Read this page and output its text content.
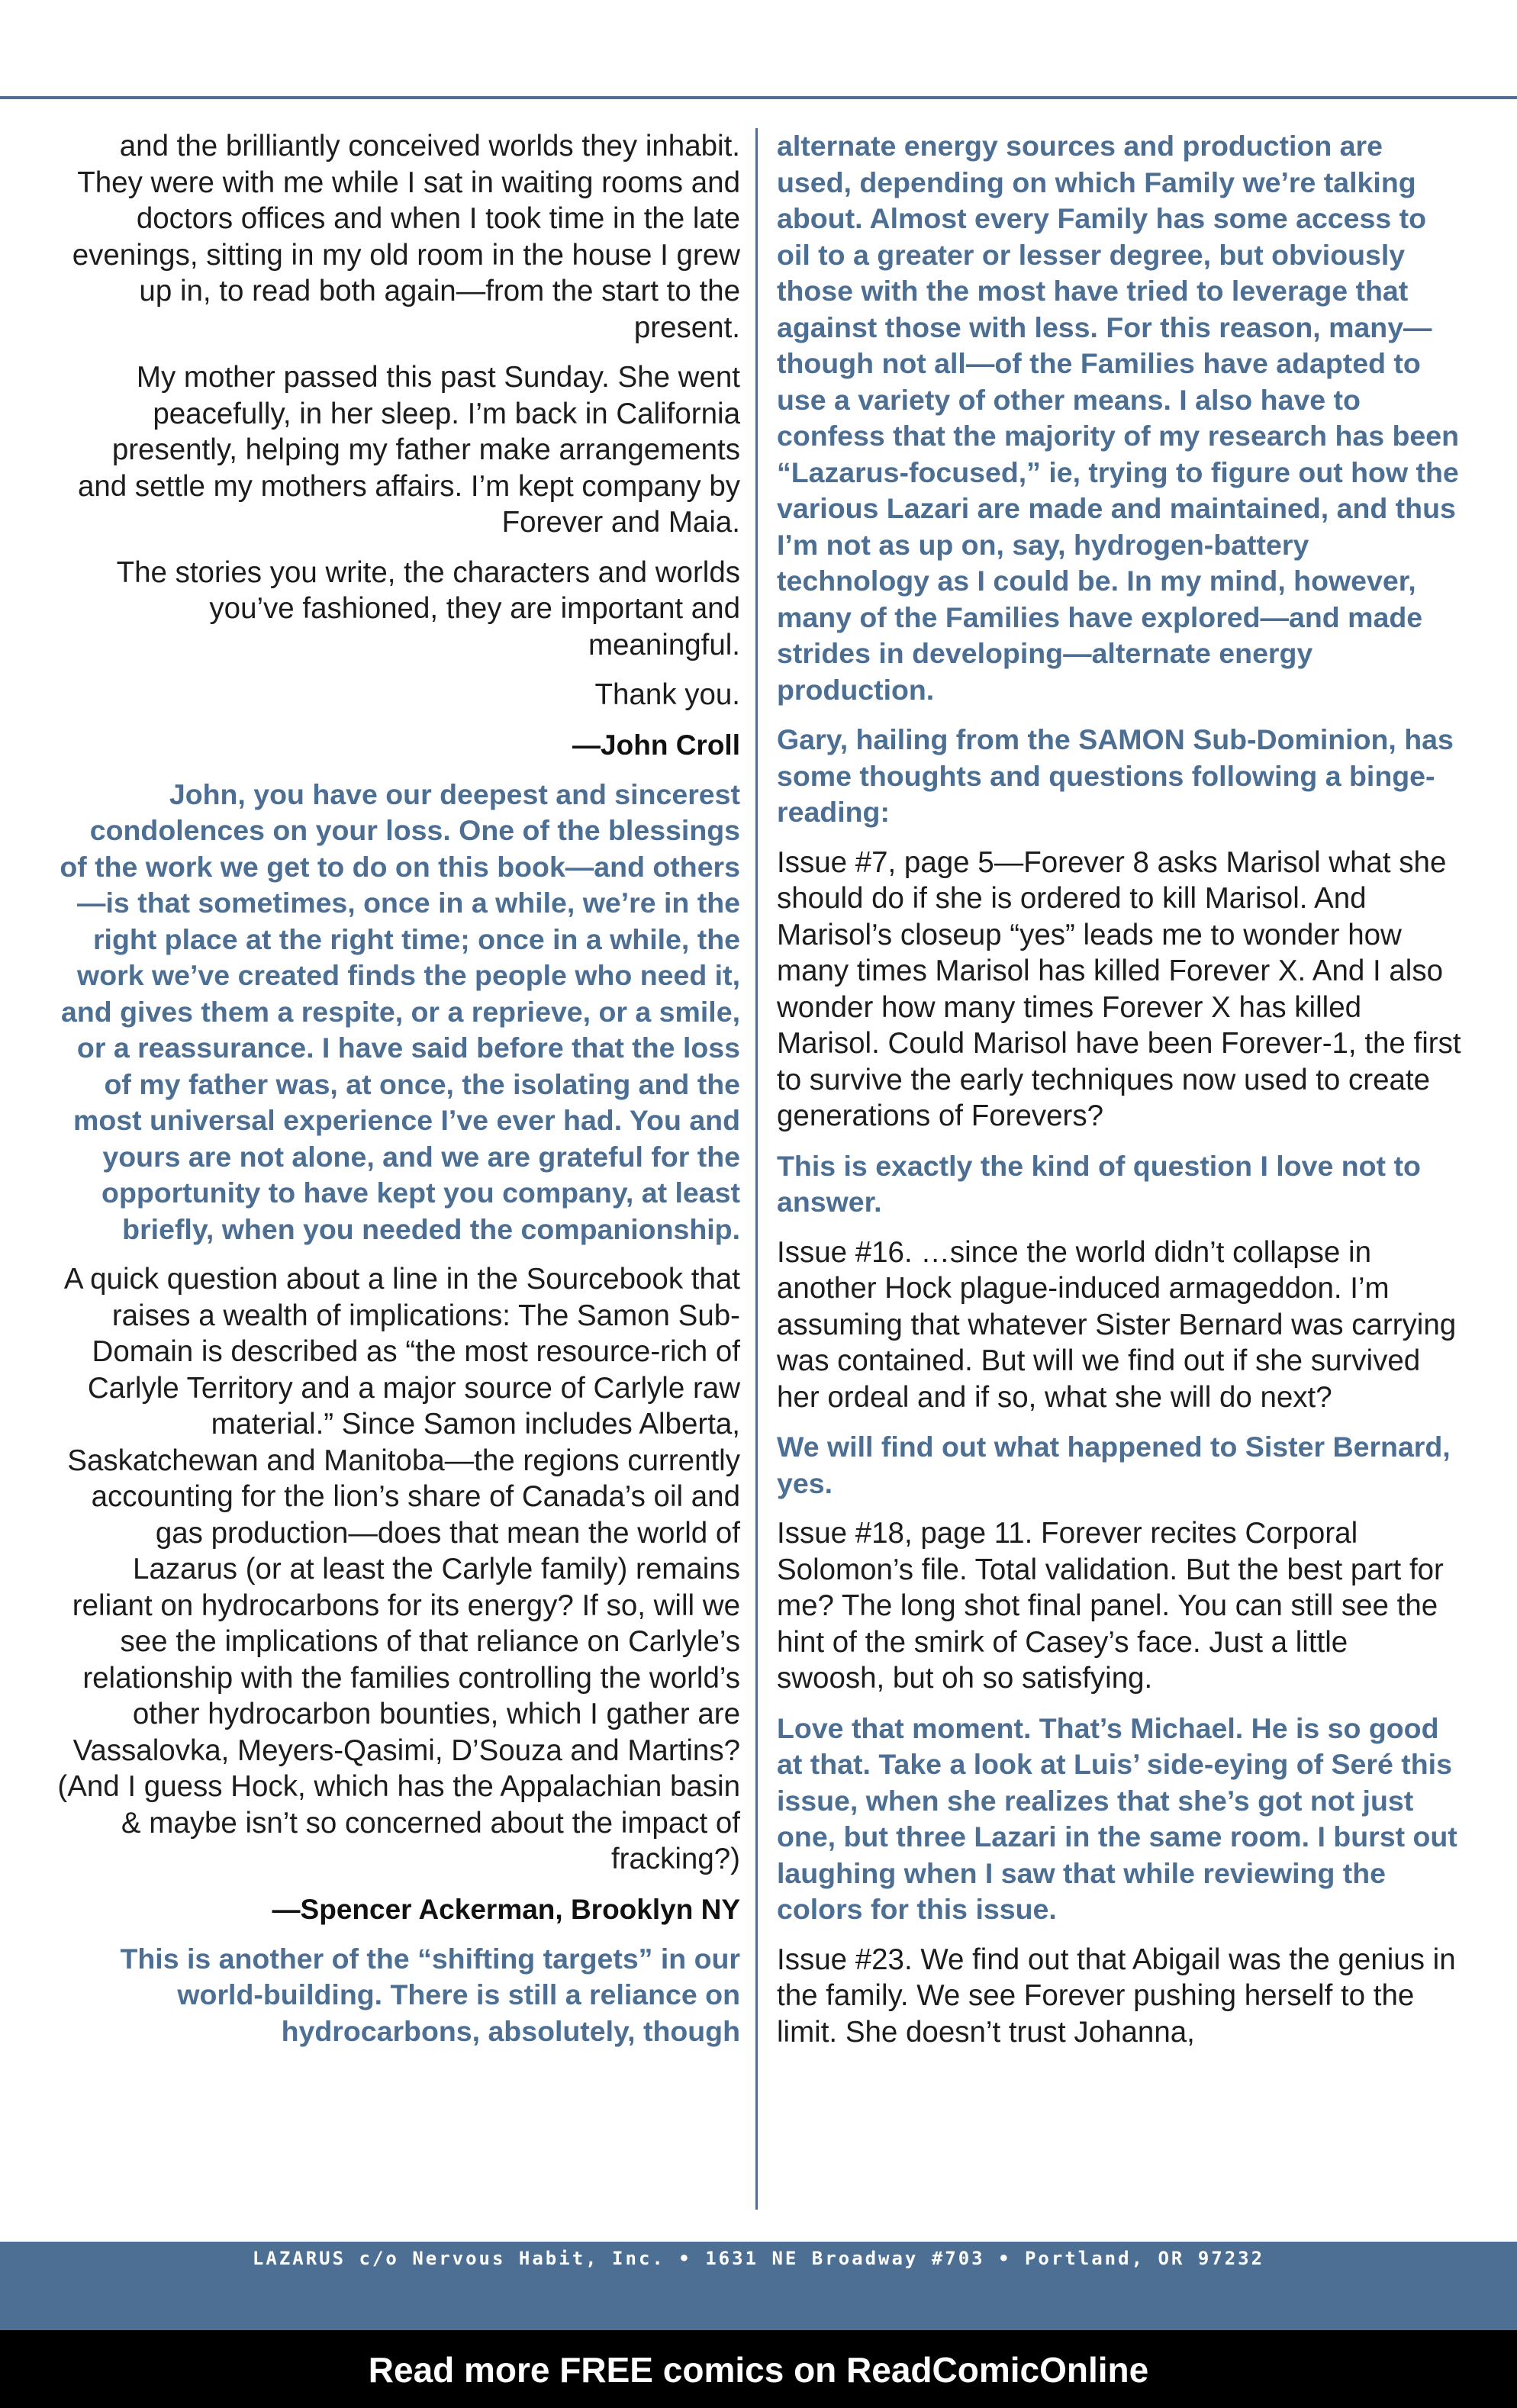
and the brilliantly conceived worlds they inhabit. They were with me while I sat in waiting rooms and doctors offices and when I took time in the late evenings, sitting in my old room in the house I grew up in, to read both again—from the start to the present.

My mother passed this past Sunday. She went peacefully, in her sleep. I’m back in California presently, helping my father make arrangements and settle my mothers affairs. I’m kept company by Forever and Maia.

The stories you write, the characters and worlds you’ve fashioned, they are important and meaningful.

Thank you.

—John Croll

John, you have our deepest and sincerest condolences on your loss. One of the blessings of the work we get to do on this book—and others—is that sometimes, once in a while, we’re in the right place at the right time; once in a while, the work we’ve created finds the people who need it, and gives them a respite, or a reprieve, or a smile, or a reassurance. I have said before that the loss of my father was, at once, the isolating and the most universal experience I’ve ever had. You and yours are not alone, and we are grateful for the opportunity to have kept you company, at least briefly, when you needed the companionship.

A quick question about a line in the Sourcebook that raises a wealth of implications: The Samon Sub-Domain is described as “the most resource-rich of Carlyle Territory and a major source of Carlyle raw material.” Since Samon includes Alberta, Saskatchewan and Manitoba—the regions currently accounting for the lion’s share of Canada’s oil and gas production—does that mean the world of Lazarus (or at least the Carlyle family) remains reliant on hydrocarbons for its energy? If so, will we see the implications of that reliance on Carlyle’s relationship with the families controlling the world’s other hydrocarbon bounties, which I gather are Vassalovka, Meyers-Qasimi, D’Souza and Martins? (And I guess Hock, which has the Appalachian basin & maybe isn’t so concerned about the impact of fracking?)

—Spencer Ackerman, Brooklyn NY

This is another of the “shifting targets” in our world-building. There is still a reliance on hydrocarbons, absolutely, though

alternate energy sources and production are used, depending on which Family we’re talking about. Almost every Family has some access to oil to a greater or lesser degree, but obviously those with the most have tried to leverage that against those with less. For this reason, many—though not all—of the Families have adapted to use a variety of other means. I also have to confess that the majority of my research has been “Lazarus-focused,” ie, trying to figure out how the various Lazari are made and maintained, and thus I’m not as up on, say, hydrogen-battery technology as I could be. In my mind, however, many of the Families have explored—and made strides in developing—alternate energy production.

Gary, hailing from the SAMON Sub-Dominion, has some thoughts and questions following a binge-reading:

Issue #7, page 5—Forever 8 asks Marisol what she should do if she is ordered to kill Marisol. And Marisol’s closeup “yes” leads me to wonder how many times Marisol has killed Forever X. And I also wonder how many times Forever X has killed Marisol. Could Marisol have been Forever-1, the first to survive the early techniques now used to create generations of Forevers?

This is exactly the kind of question I love not to answer.

Issue #16. …since the world didn’t collapse in another Hock plague-induced armageddon. I’m assuming that whatever Sister Bernard was carrying was contained. But will we find out if she survived her ordeal and if so, what she will do next?

We will find out what happened to Sister Bernard, yes.

Issue #18, page 11. Forever recites Corporal Solomon’s file. Total validation. But the best part for me? The long shot final panel. You can still see the hint of the smirk of Casey’s face. Just a little swoosh, but oh so satisfying.

Love that moment. That’s Michael. He is so good at that. Take a look at Luis’ side-eying of Seré this issue, when she realizes that she’s got not just one, but three Lazari in the same room. I burst out laughing when I saw that while reviewing the colors for this issue.

Issue #23. We find out that Abigail was the genius in the family. We see Forever pushing herself to the limit. She doesn’t trust Johanna,

LAZARUS c/o Nervous Habit, Inc. • 1631 NE Broadway #703 • Portland, OR 97232
Read more FREE comics on ReadComicOnline
